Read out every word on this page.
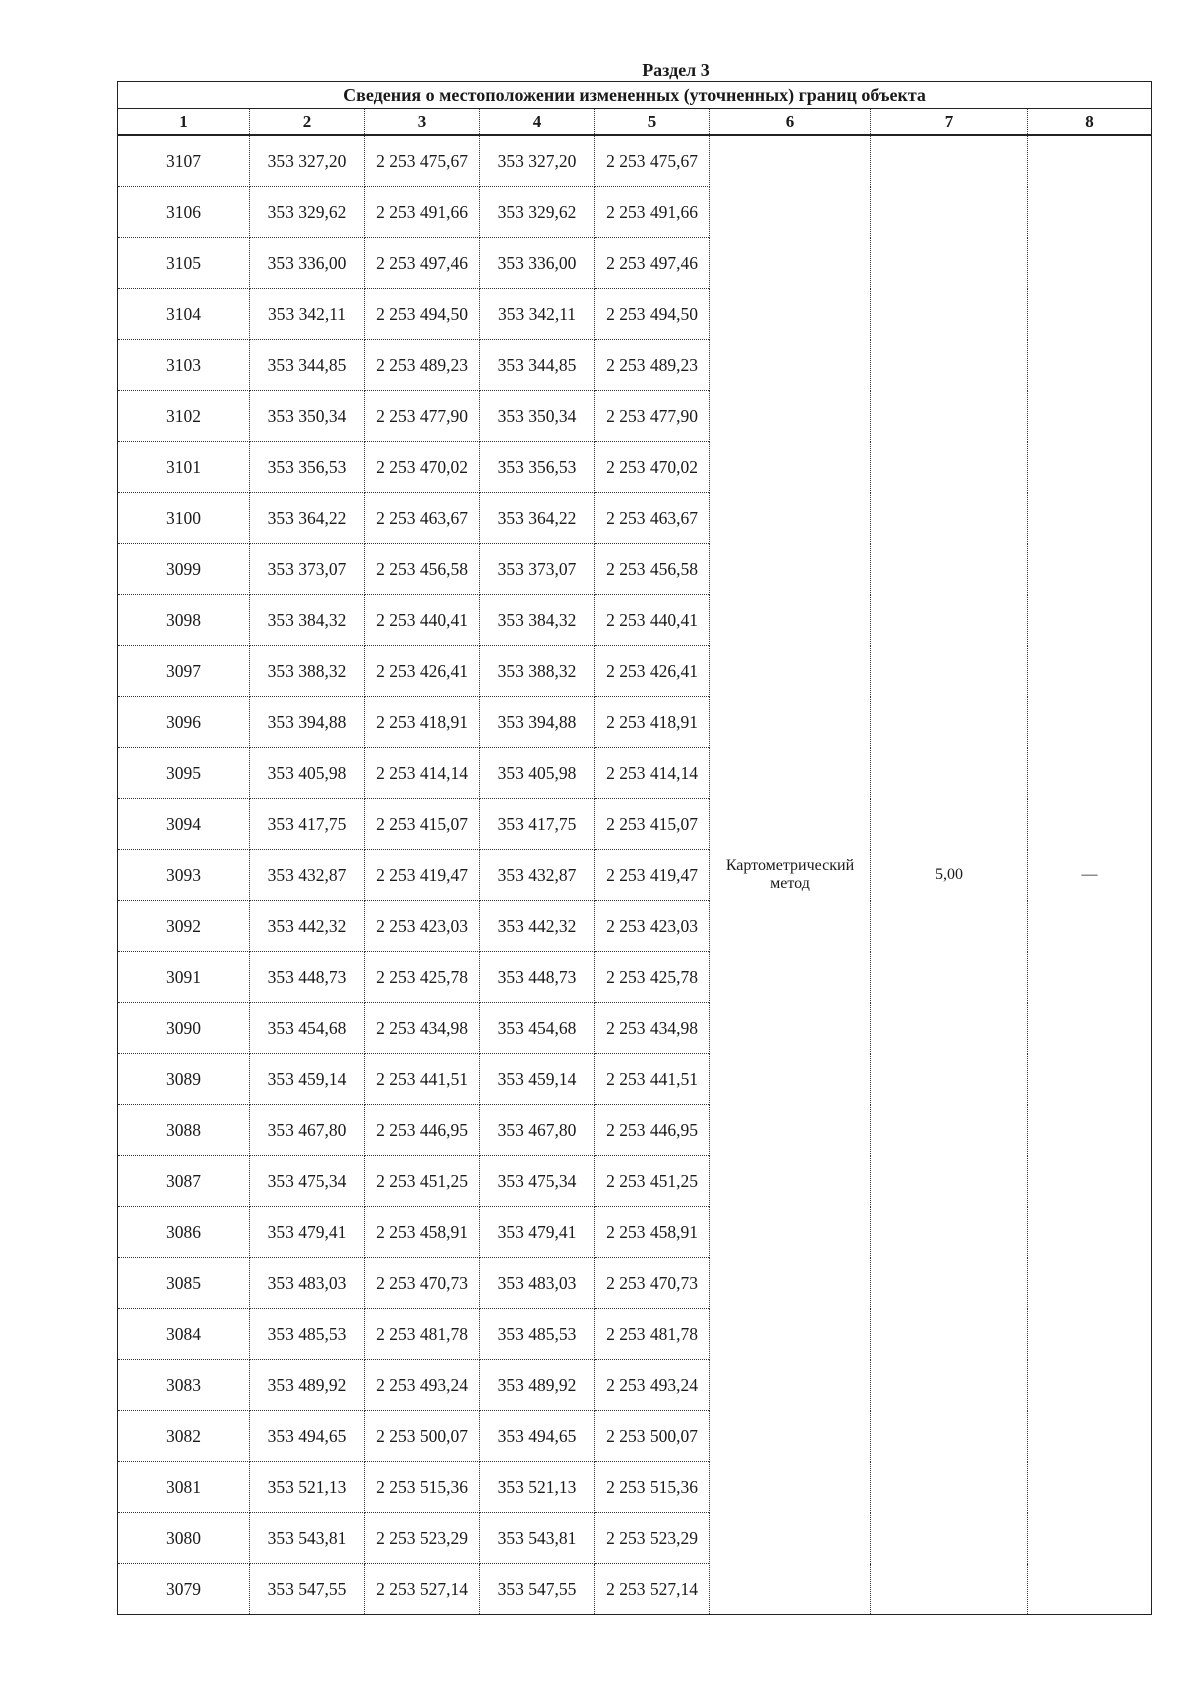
Раздел 3
Сведения о местоположении измененных (уточненных) границ объекта							
1	2	3	4	5	6	7	8
3107	353 327,20	2 253 475,67	353 327,20	2 253 475,67	Картометрический метод	5,00	—
3106	353 329,62	2 253 491,66	353 329,62	2 253 491,66			
3105	353 336,00	2 253 497,46	353 336,00	2 253 497,46			
3104	353 342,11	2 253 494,50	353 342,11	2 253 494,50			
3103	353 344,85	2 253 489,23	353 344,85	2 253 489,23			
3102	353 350,34	2 253 477,90	353 350,34	2 253 477,90			
3101	353 356,53	2 253 470,02	353 356,53	2 253 470,02			
3100	353 364,22	2 253 463,67	353 364,22	2 253 463,67			
3099	353 373,07	2 253 456,58	353 373,07	2 253 456,58			
3098	353 384,32	2 253 440,41	353 384,32	2 253 440,41			
3097	353 388,32	2 253 426,41	353 388,32	2 253 426,41			
3096	353 394,88	2 253 418,91	353 394,88	2 253 418,91			
3095	353 405,98	2 253 414,14	353 405,98	2 253 414,14			
3094	353 417,75	2 253 415,07	353 417,75	2 253 415,07			
3093	353 432,87	2 253 419,47	353 432,87	2 253 419,47			
3092	353 442,32	2 253 423,03	353 442,32	2 253 423,03			
3091	353 448,73	2 253 425,78	353 448,73	2 253 425,78			
3090	353 454,68	2 253 434,98	353 454,68	2 253 434,98			
3089	353 459,14	2 253 441,51	353 459,14	2 253 441,51			
3088	353 467,80	2 253 446,95	353 467,80	2 253 446,95			
3087	353 475,34	2 253 451,25	353 475,34	2 253 451,25			
3086	353 479,41	2 253 458,91	353 479,41	2 253 458,91			
3085	353 483,03	2 253 470,73	353 483,03	2 253 470,73			
3084	353 485,53	2 253 481,78	353 485,53	2 253 481,78			
3083	353 489,92	2 253 493,24	353 489,92	2 253 493,24			
3082	353 494,65	2 253 500,07	353 494,65	2 253 500,07			
3081	353 521,13	2 253 515,36	353 521,13	2 253 515,36			
3080	353 543,81	2 253 523,29	353 543,81	2 253 523,29			
3079	353 547,55	2 253 527,14	353 547,55	2 253 527,14			
